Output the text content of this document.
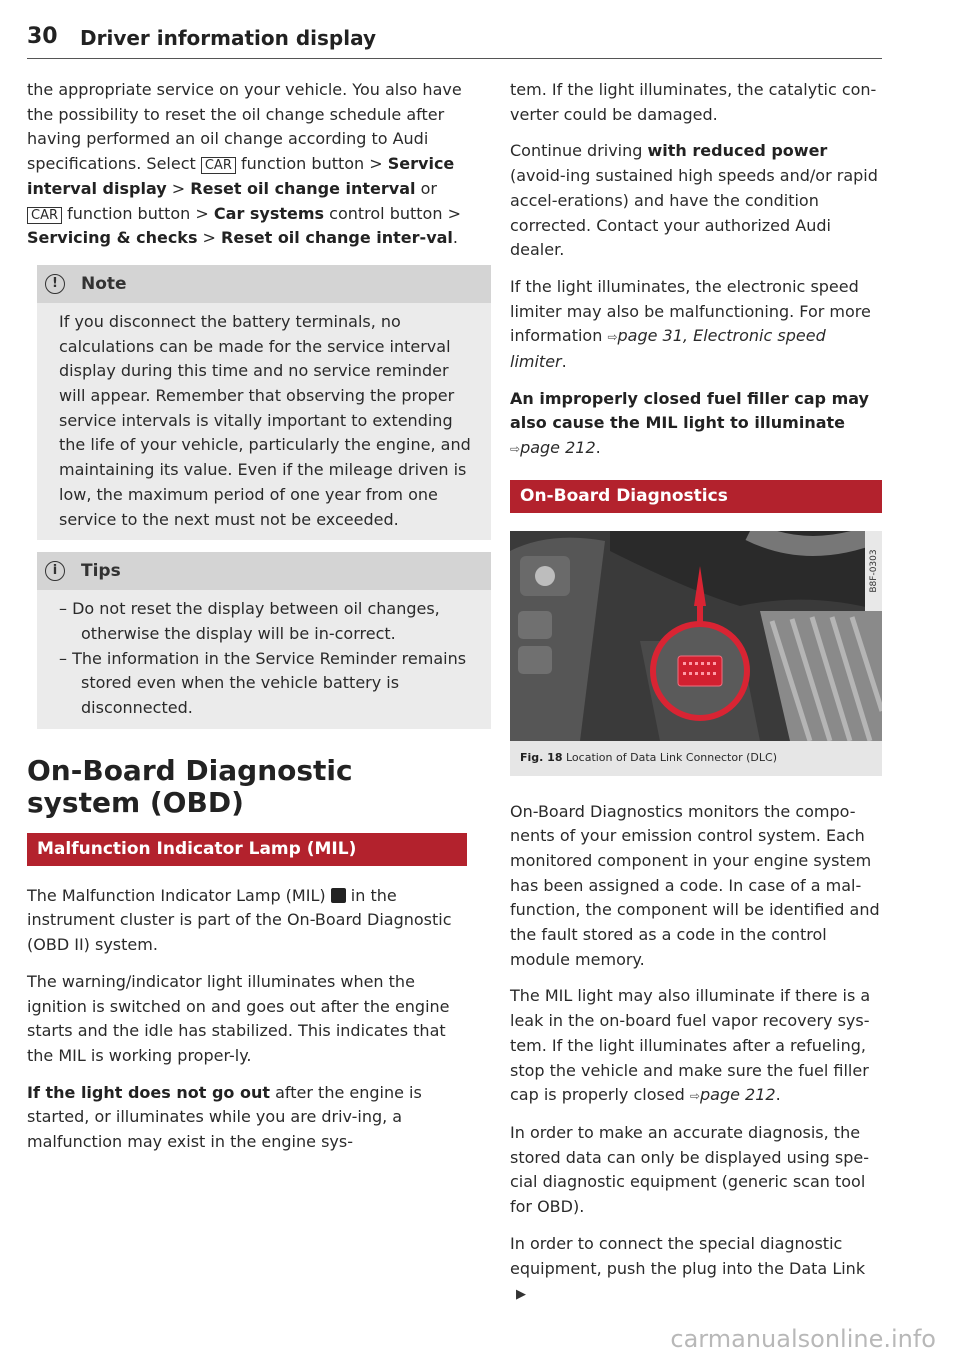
30 Driver information display

the appropriate service on your vehicle. You also have the possibility to reset the oil change schedule after having performed an oil change according to Audi specifications. Select CAR function button > Service interval display > Reset oil change interval or CAR function button > Car systems control button > Servicing & checks > Reset oil change inter-val.

!	Note
If you disconnect the battery terminals, no calculations can be made for the service interval display during this time and no service reminder will appear. Remember that observing the proper service intervals is vitally important to extending the life of your vehicle, particularly the engine, and maintaining its value. Even if the mileage driven is low, the maximum period of one year from one service to the next must not be exceeded.
i	Tips

– Do not reset the display between oil changes, otherwise the display will be in-correct.

– The information in the Service Reminder remains stored even when the vehicle battery is disconnected.

On-Board Diagnostic system (OBD)
Malfunction Indicator Lamp (MIL)

The Malfunction Indicator Lamp (MIL)  in the instrument cluster is part of the On-Board Diagnostic (OBD II) system.

The warning/indicator light illuminates when the ignition is switched on and goes out after the engine starts and the idle has stabilized. This indicates that the MIL is working proper-ly.

If the light does not go out after the engine is started, or illuminates while you are driv-ing, a malfunction may exist in the engine sys-

tem. If the light illuminates, the catalytic con-verter could be damaged.

Continue driving with reduced power (avoid-ing sustained high speeds and/or rapid accel-erations) and have the condition corrected. Contact your authorized Audi dealer.

If the light illuminates, the electronic speed limiter may also be malfunctioning. For more information ⇨page 31, Electronic speed limiter.

An improperly closed fuel filler cap may also cause the MIL light to illuminate
⇨page 212.

On-Board Diagnostics
B8F-0303
Fig. 18 Location of Data Link Connector (DLC)

On-Board Diagnostics monitors the compo-nents of your emission control system. Each monitored component in your engine system has been assigned a code. In case of a mal-function, the component will be identified and the fault stored as a code in the control module memory.

The MIL light may also illuminate if there is a leak in the on-board fuel vapor recovery sys-tem. If the light illuminates after a refueling, stop the vehicle and make sure the fuel filler cap is properly closed ⇨page 212.

In order to make an accurate diagnosis, the stored data can only be displayed using spe-cial diagnostic equipment (generic scan tool for OBD).

In order to connect the special diagnostic equipment, push the plug into the Data Link ▶

carmanualsonline.info
